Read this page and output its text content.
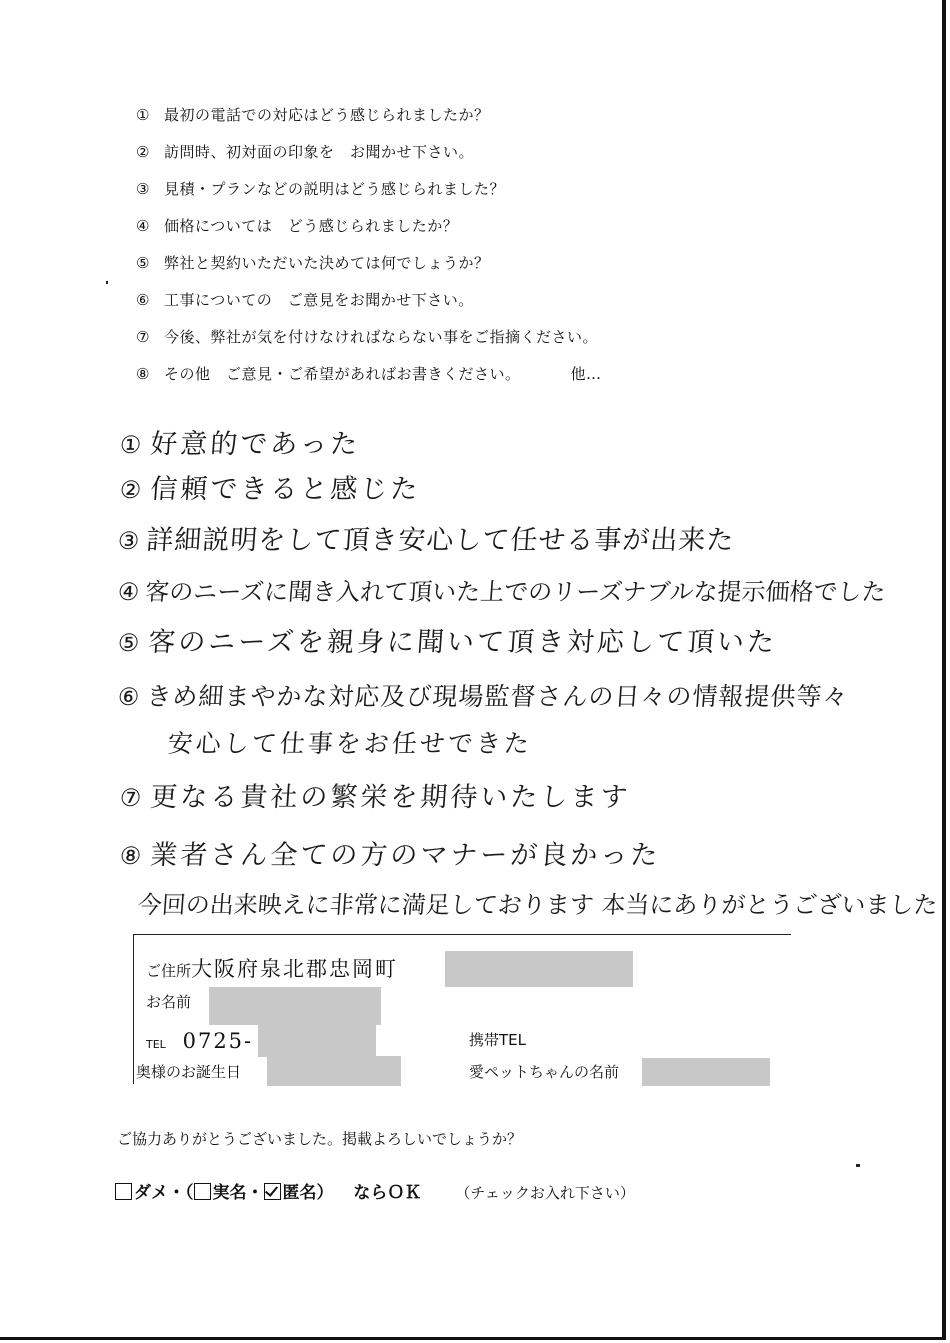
① 最初の電話での対応はどう感じられましたか？
② 訪問時、初対面の印象を　お聞かせ下さい。
③ 見積・プランなどの説明はどう感じられました？
④ 価格については　どう感じられましたか？
⑤ 弊社と契約いただいた決めては何でしょうか？
⑥ 工事についての　ご意見をお聞かせ下さい。
⑦ 今後、弊社が気を付けなければならない事をご指摘ください。
⑧ その他　ご意見・ご希望があればお書きください。	他…
① 好意的であった
② 信頼できると感じた
③ 詳細説明をして頂き安心して任せる事が出来た
④ 客のニーズに聞き入れて頂いた上でのリーズナブルな提示価格でした
⑤ 客のニーズを親身に聞いて頂き対応して頂いた
⑥ きめ細まやかな対応及び現場監督さんの日々の情報提供等々
安心して仕事をお任せできた
⑦ 更なる貴社の繁栄を期待いたします
⑧ 業者さん全ての方のマナーが良かった
今回の出来映えに非常に満足しております 本当にありがとうございました
ご住所大阪府泉北郡忠岡町
お名前
TEL 0725-	携帯TEL
奥様のお誕生日	愛ペットちゃんの名前
ご協力ありがとうございました。掲載よろしいでしょうか？
ダメ・（ 実名・ 匿名） ならＯＫ （チェックお入れ下さい）
